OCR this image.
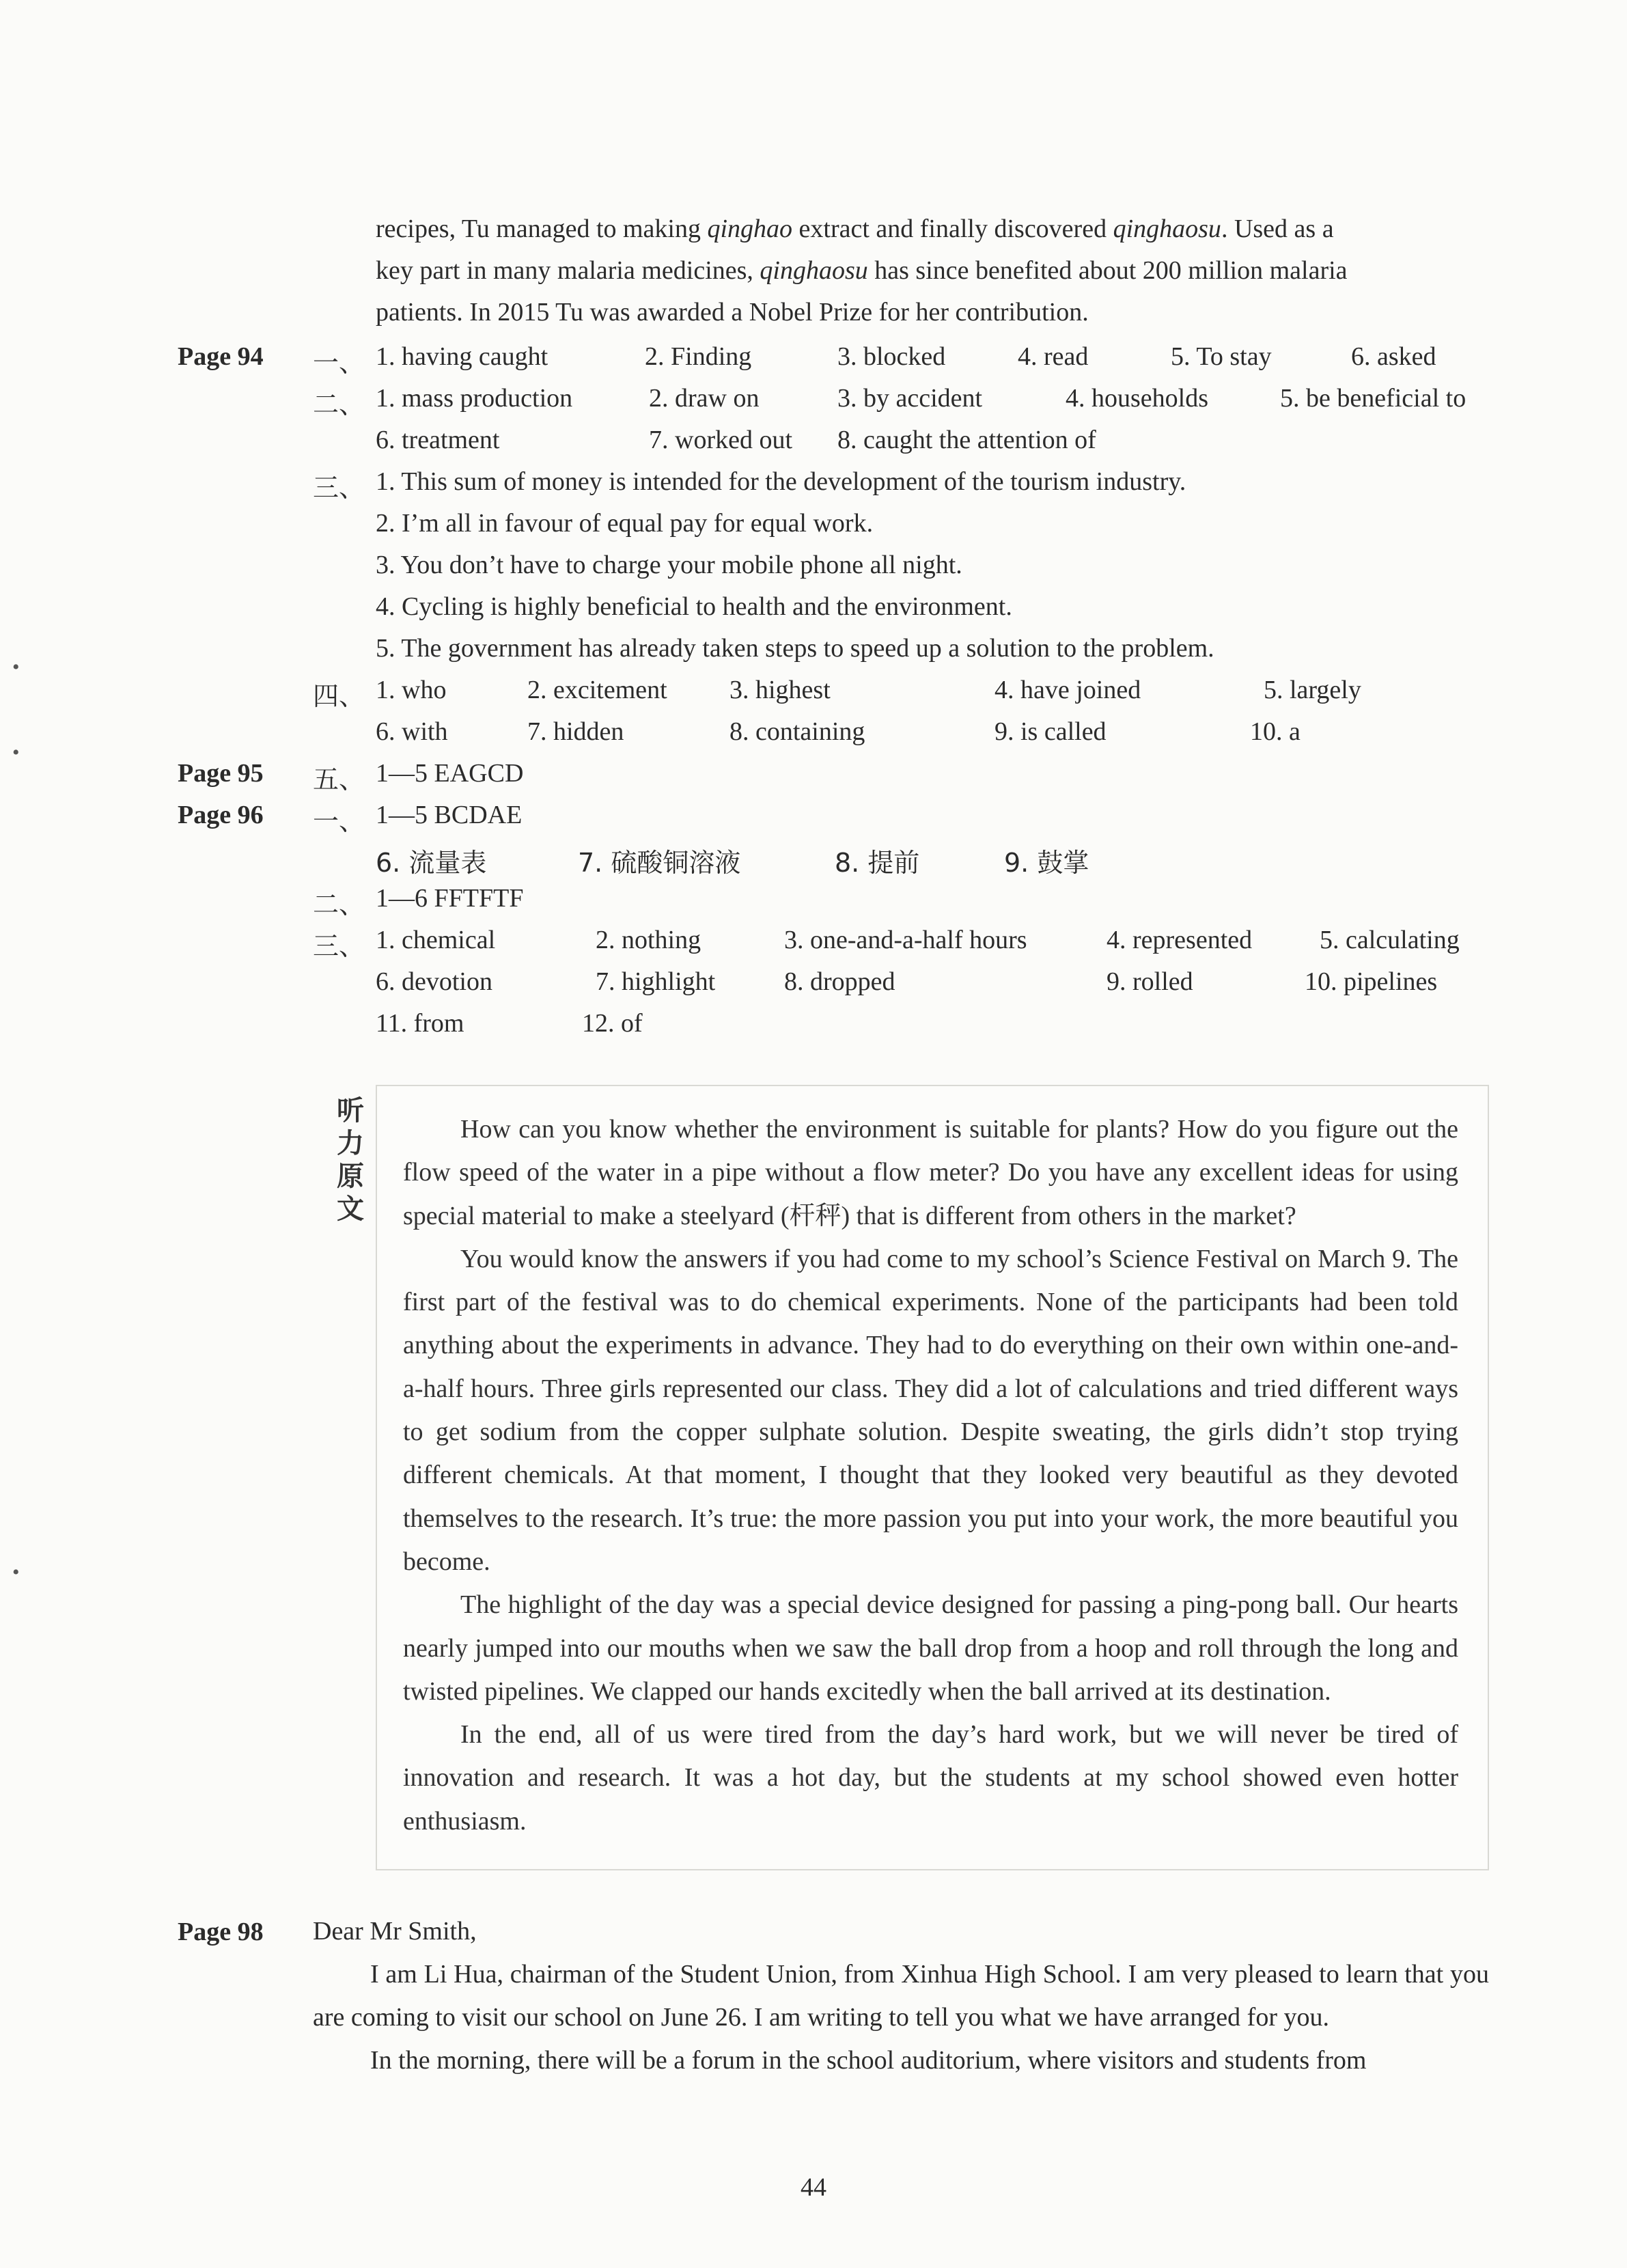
recipes, Tu managed to making qinghao extract and finally discovered qinghaosu. Used as a

key part in many malaria medicines, qinghaosu has since benefited about 200 million malaria

patients. In 2015 Tu was awarded a Nobel Prize for her contribution.

Page 94 一、 1. having caught	2. Finding	3. blocked	4. read	5. To stay	6. asked
二、 1. mass production	2. draw on	3. by accident	4. households	5. be beneficial to
6. treatment	7. worked out 8. caught the attention of
三、 1. This sum of money is intended for the development of the tourism industry.
2. I’m all in favour of equal pay for equal work.
3. You don’t have to charge your mobile phone all night.
4. Cycling is highly beneficial to health and the environment.
5. The government has already taken steps to speed up a solution to the problem.
四、 1. who	2. excitement 3. highest	4. have joined	5. largely
6. with	7. hidden	8. containing	9. is called	10. a
Page 95 五、 1—5 EAGCD
Page 96 一、 1—5 BCDAE
6. 流量表	7. 硫酸铜溶液	8. 提前	9. 鼓掌
二、 1—6 FFTFTF
三、 1. chemical	2. nothing	3. one-and-a-half hours	4. represented	5. calculating
6. devotion	7. highlight	8. dropped	9. rolled	10. pipelines
11. from	12. of
听
力
原
文

How can you know whether the environment is suitable for plants? How do you figure out the flow speed of the water in a pipe without a flow meter? Do you have any excellent ideas for using special material to make a steelyard (杆秤) that is different from others in the market?

You would know the answers if you had come to my school’s Science Festival on March 9. The first part of the festival was to do chemical experiments. None of the participants had been told anything about the experiments in advance. They had to do everything on their own within one-and-a-half hours. Three girls represented our class. They did a lot of calculations and tried different ways to get sodium from the copper sulphate solution. Despite sweating, the girls didn’t stop trying different chemicals. At that moment, I thought that they looked very beautiful as they devoted themselves to the research. It’s true: the more passion you put into your work, the more beautiful you become.

The highlight of the day was a special device designed for passing a ping-pong ball. Our hearts nearly jumped into our mouths when we saw the ball drop from a hoop and roll through the long and twisted pipelines. We clapped our hands excitedly when the ball arrived at its destination.

In the end, all of us were tired from the day’s hard work, but we will never be tired of innovation and research. It was a hot day, but the students at my school showed even hotter enthusiasm.

Page 98 Dear Mr Smith,

I am Li Hua, chairman of the Student Union, from Xinhua High School. I am very pleased to learn that you are coming to visit our school on June 26. I am writing to tell you what we have arranged for you.

In the morning, there will be a forum in the school auditorium, where visitors and students from

44
•
•
•
